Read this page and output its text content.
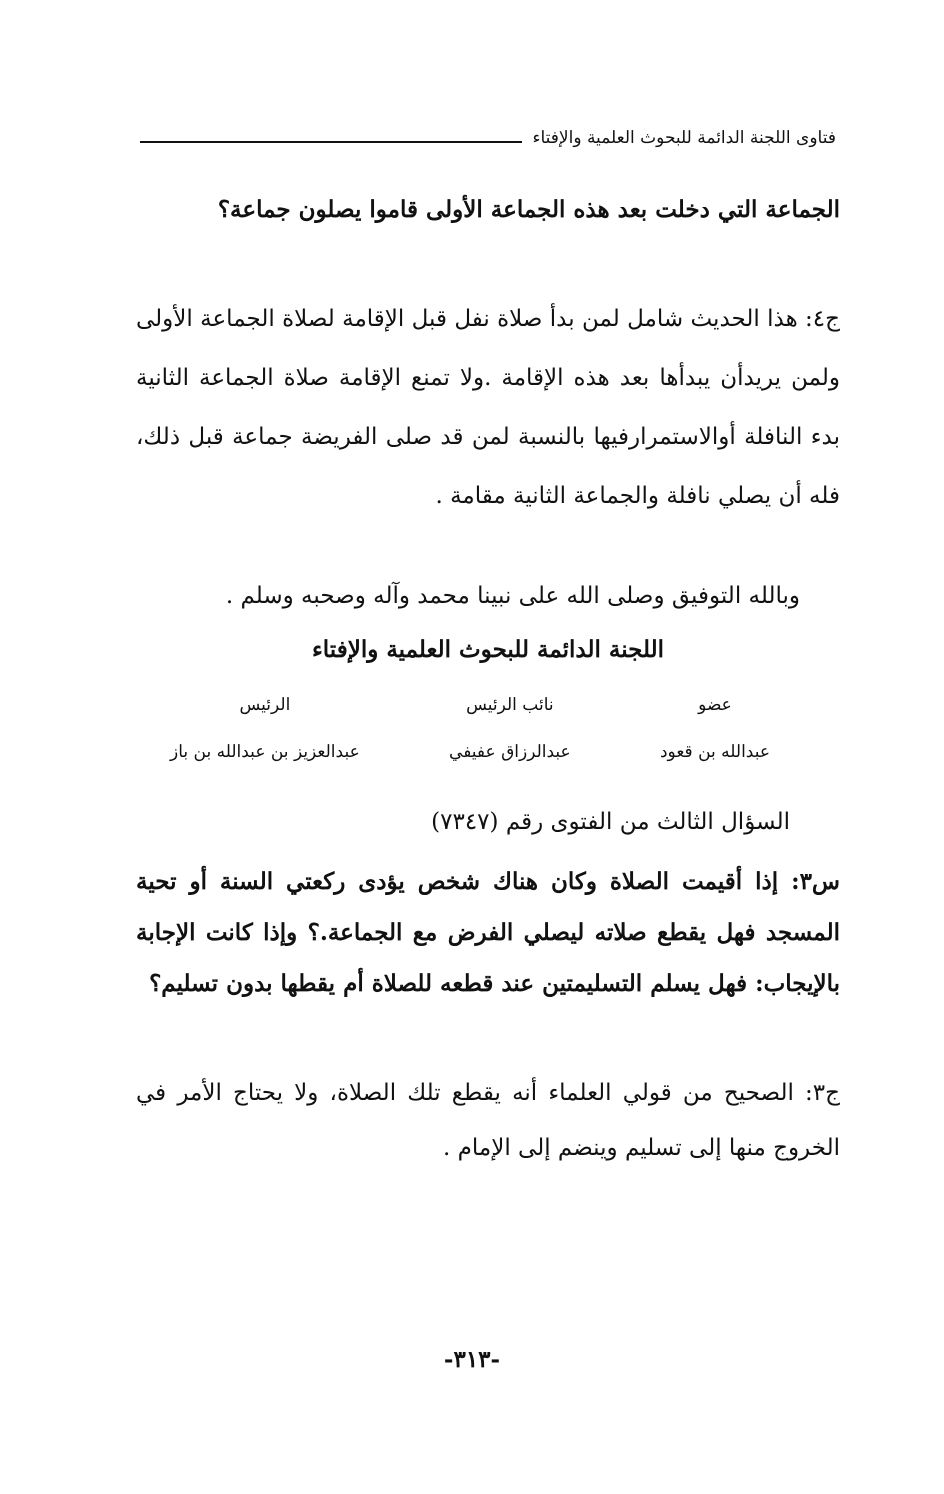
فتاوى اللجنة الدائمة للبحوث العلمية والإفتاء
الجماعة التي دخلت بعد هذه الجماعة الأولى قاموا يصلون جماعة؟
ج٤: هذا الحديث شامل لمن بدأ صلاة نفل قبل الإقامة لصلاة الجماعة الأولى ولمن يريدأن يبدأها بعد هذه الإقامة .ولا تمنع الإقامة صلاة الجماعة الثانية بدء النافلة أوالاستمرارفيها بالنسبة لمن قد صلى الفريضة جماعة قبل ذلك، فله أن يصلي نافلة والجماعة الثانية مقامة .
وبالله التوفيق وصلى الله على نبينا محمد وآله وصحبه وسلم .
اللجنة الدائمة للبحوث العلمية والإفتاء
عضو
عبدالله بن قعود
نائب الرئيس
عبدالرزاق عفيفي
الرئيس
عبدالعزيز بن عبدالله بن باز
السؤال الثالث من الفتوى رقم (٧٣٤٧)
س٣: إذا أقيمت الصلاة وكان هناك شخص يؤدى ركعتي السنة أو تحية المسجد فهل يقطع صلاته ليصلي الفرض مع الجماعة.؟ وإذا كانت الإجابة بالإيجاب: فهل يسلم التسليمتين عند قطعه للصلاة أم يقطها بدون تسليم؟
ج٣: الصحيح من قولي العلماء أنه يقطع تلك الصلاة، ولا يحتاج الأمر في الخروج منها إلى تسليم وينضم إلى الإمام .
-٣١٣-
